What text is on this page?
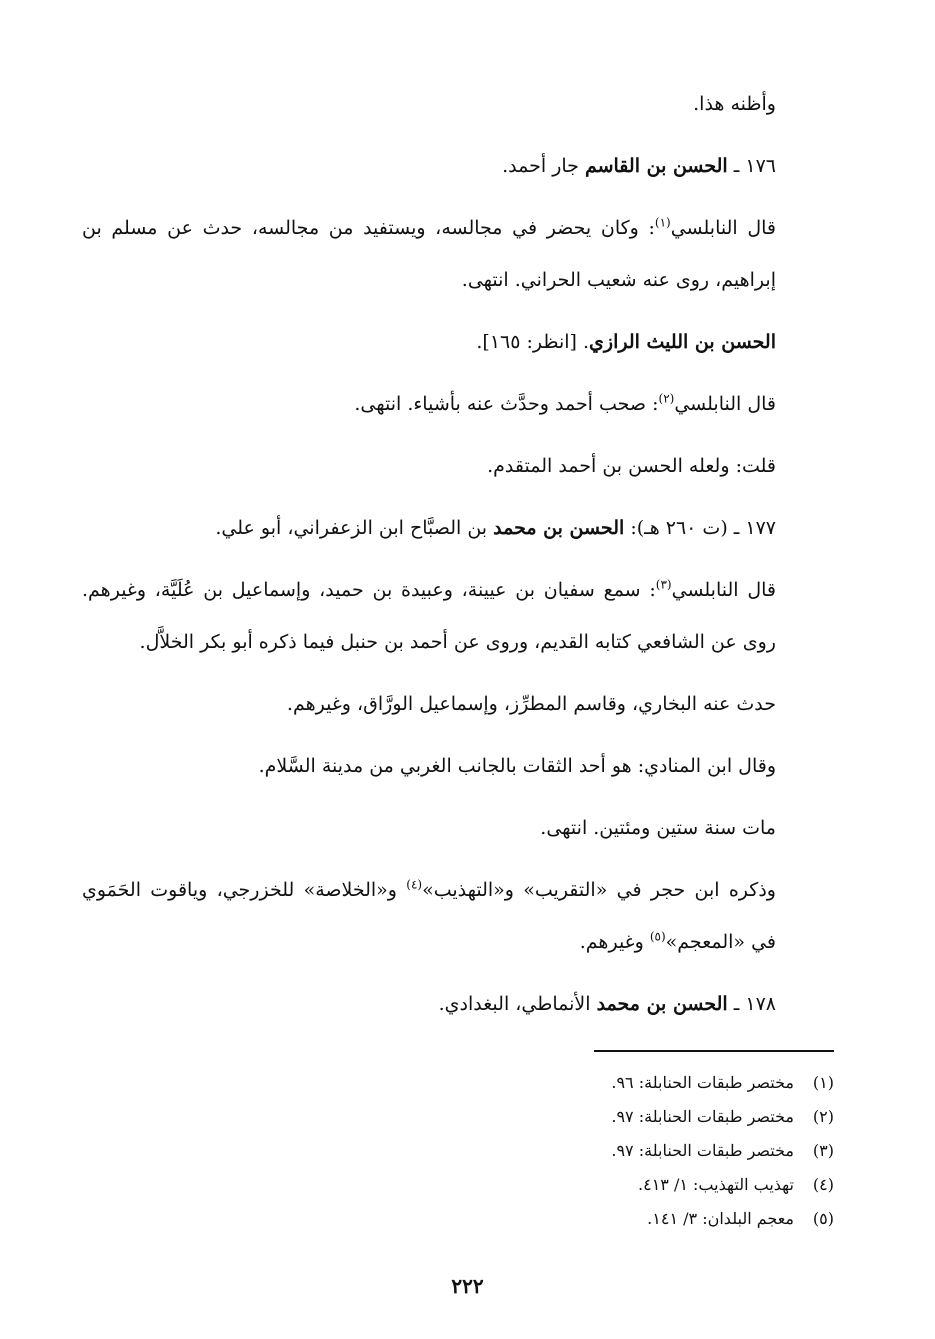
وأظنه هذا.

١٧٦ ـ الحسن بن القاسم جار أحمد.

قال النابلسي$^{(١)}$: وكان يحضر في مجالسه، ويستفيد من مجالسه، حدث عن مسلم بن إبراهيم، روى عنه شعيب الحراني. انتهى.

الحسن بن الليث الرازي. [انظر: ١٦٥].

قال النابلسي$^{(٢)}$: صحب أحمد وحدَّث عنه بأشياء. انتهى.

قلت: ولعله الحسن بن أحمد المتقدم.

١٧٧ ـ (ت ٢٦٠ هـ): الحسن بن محمد بن الصبَّاح ابن الزعفراني، أبو علي.

قال النابلسي$^{(٣)}$: سمع سفيان بن عيينة، وعبيدة بن حميد، وإسماعيل بن عُلَيَّة، وغيرهم. روى عن الشافعي كتابه القديم، وروى عن أحمد بن حنبل فيما ذكره أبو بكر الخلاَّل.

حدث عنه البخاري، وقاسم المطرِّز، وإسماعيل الورَّاق، وغيرهم.

وقال ابن المنادي: هو أحد الثقات بالجانب الغربي من مدينة السَّلام.

مات سنة ستين ومئتين. انتهى.

وذكره ابن حجر في «التقريب» و«التهذيب»$^{(٤)}$ و«الخلاصة» للخزرجي، وياقوت الحَمَوي في «المعجم»$^{(٥)}$ وغيرهم.

١٧٨ ـ الحسن بن محمد الأنماطي، البغدادي.

(١)مختصر طبقات الحنابلة: ٩٦.
(٢)مختصر طبقات الحنابلة: ٩٧.
(٣)مختصر طبقات الحنابلة: ٩٧.
(٤)تهذيب التهذيب: ١/ ٤١٣.
(٥)معجم البلدان: ٣/ ١٤١.
٢٢٢
